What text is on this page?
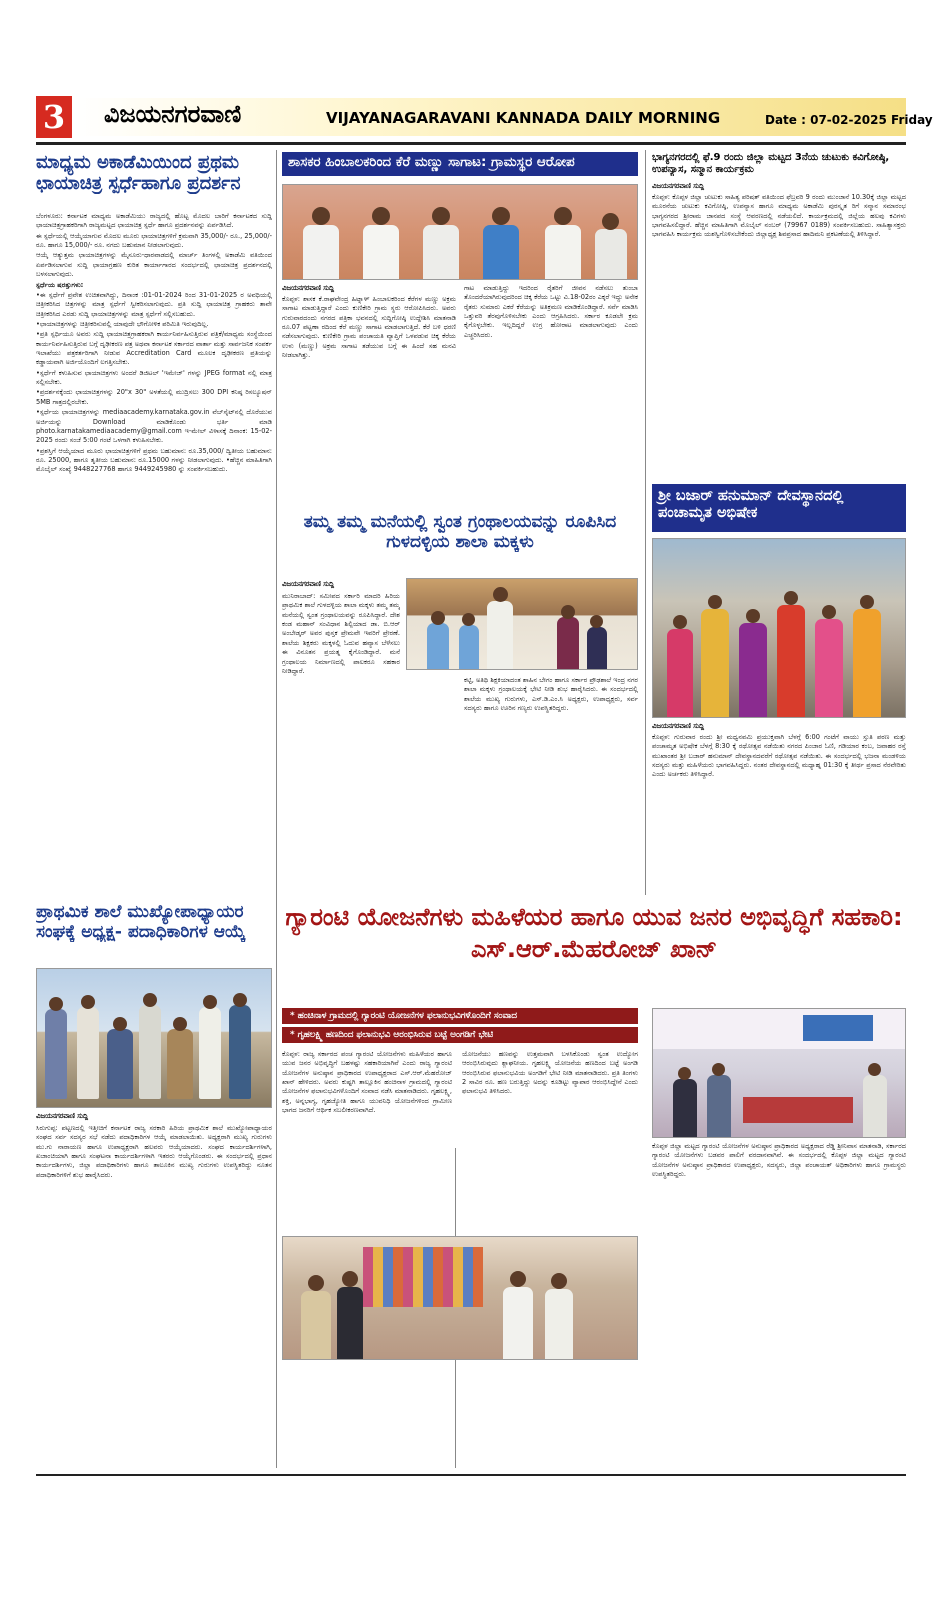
3 ವಿಜಯನಗರವಾಣಿ	VIJAYANAGARAVANI KANNADA DAILY MORNING	Date : 07-02-2025 Friday
ಮಾಧ್ಯಮ ಅಕಾಡೆಮಿಯಿಂದ ಪ್ರಥಮ ಛಾಯಾಚಿತ್ರ ಸ್ಪರ್ಧೆಹಾಗೂ ಪ್ರದರ್ಶನ

ಬೆಂಗಳೂರು: ಕರ್ನಾಟಕ ಮಾಧ್ಯಮ ಅಕಾಡೆಮಿಯು ರಾಜ್ಯದಲ್ಲಿ ಹೊಟ್ಟ ಮೊದಲ ಬಾರಿಗೆ ಕರ್ನಾಟಕದ ಸುದ್ದಿ ಛಾಯಾಚಿತ್ರಗ್ರಾಹಕರಿಗಾಗಿ ರಾಜ್ಯಮಟ್ಟದ ಛಾಯಾಚಿತ್ರ ಸ್ಪರ್ಧೆ ಹಾಗೂ ಪ್ರದರ್ಶನವನ್ನು ಏರ್ಪಡಿಸಿದೆ.

ಈ ಸ್ಪರ್ಧೆಯಲ್ಲಿ ಆಯ್ಕೆಯಾಗುವ ಮೊದಲ ಮೂರು ಛಾಯಾಚಿತ್ರಗಳಿಗೆ ಕ್ರಮವಾಗಿ 35,000/- ರೂ., 25,000/- ರೂ. ಹಾಗೂ 15,000/- ರೂ. ನಗದು ಬಹುಮಾನ ನೀಡಲಾಗುವುದು.

ಆಯ್ಕೆ ಆತ್ಯುತ್ತಮ ಛಾಯಾಚಿತ್ರಗಳನ್ನು ಮೈಸೂರು-ಧಾರವಾಡದಲ್ಲಿ ಮಾರ್ಚ್ ತಿಂಗಳಲ್ಲಿ ಅಕಾಡೆಮಿ ವತಿಯಿಂದ ಏರ್ಪಡಿಸಲಾಗುವ ಸುದ್ದಿ ಛಾಯಾಗ್ರಹಣ ಕುರಿತ ಕಾರ್ಯಾಗಾರದ ಸಂದರ್ಭದಲ್ಲಿ ಛಾಯಾಚಿತ್ರ ಪ್ರದರ್ಶನದಲ್ಲಿ ಬಳಸಲಾಗುವುದು.

ಸ್ಪರ್ಧೆಯ ಷರತ್ತುಗಳು:

•ಈ ಸ್ಪರ್ಧೆಗೆ ಪ್ರವೇಶ ಉಚಿತವಾಗಿದ್ದು, ದಿನಾಂಕ :01-01-2024 ರಿಂದ 31-01-2025 ರ ಅವಧಿಯಲ್ಲಿ ಚಿತ್ರೀಕರಿಸಿದ ಚಿತ್ರಗಳನ್ನು ಮಾತ್ರ ಸ್ಪರ್ಧೆಗೆ ಸ್ವೀಕರಿಸಲಾಗುವುದು. ಪ್ರತಿ ಸುದ್ದಿ ಛಾಯಾಚಿತ್ರ ಗ್ರಾಹಕರು ತಾವೇ ಚಿತ್ರೀಕರಿಸಿದ ಎರಡು ಸುದ್ದಿ ಛಾಯಾಚಿತ್ರಗಳನ್ನು ಮಾತ್ರ ಸ್ಪರ್ಧೆಗೆ ಸಲ್ಲಿಸಬಹುದು.

•ಛಾಯಾಚಿತ್ರಗಳನ್ನು ಚಿತ್ರೀಕರಿಸುವಲ್ಲಿ ಯಾವುದೇ ಭೌಗೋಳಿಕ ಪರಿಮಿತಿ ಇರುವುದಿಲ್ಲ.

•ಪ್ರತಿ ಸ್ಪರ್ಧಿಯೂ ಅವರು ಸುದ್ದಿ ಛಾಯಾಚಿತ್ರಗ್ರಾಹಕರಾಗಿ ಕಾರ್ಯನಿರ್ವಹಿಸುತ್ತಿರುವ ಪತ್ರಿಕೆ/ಮಾಧ್ಯಮ ಸಂಸ್ಥೆಯಿಂದ ಕಾರ್ಯನಿರ್ವಹಿಸುತ್ತಿರುವ ಬಗ್ಗೆ ದೃಢೀಕರಣ ಪತ್ರ ಅಥವಾ ಕರ್ನಾಟಕ ಸರ್ಕಾರದ ವಾರ್ತಾ ಮತ್ತು ಸಾರ್ವಜನಿಕ ಸಂಪರ್ಕ ಇಲಾಖೆಯು ಪತ್ರಕರ್ತರಿಗಾಗಿ ನೀಡುವ Accreditation Card ಮೂಲಕ ದೃಢೀಕರಣ ಪ್ರತಿಯನ್ನು ಕಡ್ಡಾಯವಾಗಿ ಅರ್ಜಿಯೊಂದಿಗೆ ಲಗತ್ತಿಸಬೇಕು.

•ಸ್ಪರ್ಧೆಗೆ ಕಳುಹಿಸುವ ಛಾಯಾಚಿತ್ರಗಳು ಅಂದರೆ ಡಿಜಿಟಲ್ 'ಇಮೇಜ್' ಗಳನ್ನು JPEG format ನಲ್ಲಿ ಮಾತ್ರ ಸಲ್ಲಿಸಬೇಕು.

•ಪ್ರದರ್ಶನಕ್ಕೆಂದು ಛಾಯಾಚಿತ್ರಗಳನ್ನು 20"x 30" ಅಳತೆಯಲ್ಲಿ ಮುದ್ರಿಸಲು 300 DPI ಕನಿಷ್ಠ ರಿಸಲ್ಯೂಷನ್ 5MB ಗಾತ್ರದಲ್ಲಿರಬೇಕು.

•ಸ್ಪರ್ಧೆಯ ಛಾಯಾಚಿತ್ರಗಳನ್ನು mediaacademy.karnataka.gov.in ವೆಬ್‌ಸೈಟ್‌ನಲ್ಲಿ ದೊರೆಯುವ ಅರ್ಜಿಯನ್ನು Download ಮಾಡಿಕೊಂಡು ಭರ್ತಿ ಮಾಡಿ photo.karnatakamediaacademy@gmail.com ಇ-ಮೇಲ್ ವಿಳಾಸಕ್ಕೆ ದಿನಾಂಕ: 15-02-2025 ರಂದು ಸಂಜೆ 5:00 ಗಂಟೆ ಒಳಗಾಗಿ ಕಳುಹಿಸಬೇಕು.

•ಪ್ರಶಸ್ತಿಗೆ ಆಯ್ಕೆಯಾದ ಮೂರು ಛಾಯಾಚಿತ್ರಗಳಿಗೆ ಪ್ರಥಮ ಬಹುಮಾನ: ರೂ.35,000/ ದ್ವಿತೀಯ ಬಹುಮಾನ: ರೂ. 25000, ಹಾಗೂ ತೃತೀಯ ಬಹುಮಾನ: ರೂ.15000 ಗಳನ್ನು ನೀಡಲಾಗುವುದು. •ಹೆಚ್ಚಿನ ಮಾಹಿತಿಗಾಗಿ ಮೊಬೈಲ್ ಸಂಖ್ಯೆ 9448227768 ಹಾಗೂ 9449245980 ನ್ನು ಸಂಪರ್ಕಿಸಬಹುದು.

ಪ್ರಾಥಮಿಕ ಶಾಲೆ ಮುಖ್ಯೋಪಾಧ್ಯಾಯರ ಸಂಘಕ್ಕೆ ಅಧ್ಯಕ್ಷ- ಪದಾಧಿಕಾರಿಗಳ ಆಯ್ಕೆ
ವಿಜಯನಗರವಾಣಿ ಸುದ್ದಿ
ಸಿರುಗುಪ್ಪ: ಪಟ್ಟಣದಲ್ಲಿ ಇತ್ತೀಚಿಗೆ ಕರ್ನಾಟಕ ರಾಜ್ಯ ಸರಕಾರಿ ಹಿರಿಯ ಪ್ರಾಥಮಿಕ ಶಾಲೆ ಮುಖ್ಯೋಪಾಧ್ಯಾಯರ ಸಂಘದ ಸರ್ವ ಸದಸ್ಯರ ಸಭೆ ನಡೆದು ಪದಾಧಿಕಾರಿಗಳ ಆಯ್ಕೆ ಮಾಡಲಾಯಿತು. ಅಧ್ಯಕ್ಷರಾಗಿ ಮುಖ್ಯ ಗುರುಗಳು ಮು.ಗು ನಾರಾಯಣ ಹಾಗೂ ಉಪಾಧ್ಯಕ್ಷರಾಗಿ ಹಲವರು ಆಯ್ಕೆಯಾದರು. ಸಂಘದ ಕಾರ್ಯದರ್ಶಿಗಳಾಗಿ, ಖಜಾಂಚಿಯಾಗಿ ಹಾಗೂ ಸಂಘಟನಾ ಕಾರ್ಯದರ್ಶಿಗಳಾಗಿ ಇತರರು ಆಯ್ಕೆಗೊಂಡರು. ಈ ಸಂದರ್ಭದಲ್ಲಿ ಪ್ರಧಾನ ಕಾರ್ಯದರ್ಶಿಗಳು, ಜಿಲ್ಲಾ ಪದಾಧಿಕಾರಿಗಳು ಹಾಗೂ ತಾಲೂಕಿನ ಮುಖ್ಯ ಗುರುಗಳು ಉಪಸ್ಥಿತರಿದ್ದು ನೂತನ ಪದಾಧಿಕಾರಿಗಳಿಗೆ ಶುಭ ಹಾರೈಸಿದರು.
ಶಾಸಕರ ಹಿಂಬಾಲಕರಿಂದ ಕೆರೆ ಮಣ್ಣು ಸಾಗಾಟ: ಗ್ರಾಮಸ್ಥರ ಆರೋಪ
ವಿಜಯನಗರವಾಣಿ ಸುದ್ದಿ
ಕೊಪ್ಪಳ: ಶಾಸಕ ಕೆ.ರಾಘವೇಂದ್ರ ಹಿಟ್ನಾಳ್ ಹಿಂಬಾಲಕರಿಂದ ಕೆರೆಗಳ ಮಣ್ಣು ಅಕ್ರಮ ಸಾಗಾಟ ಮಾಡುತ್ತಿದ್ದಾರೆ ಎಂದು ಕುಣಿಕೇರಿ ಗ್ರಾಮ ಸ್ಥರು ಆರೋಪಿಸಿದರು. ಅವರು ಗುರುವಾರದಂದು ನಗರದ ಪತ್ರಿಕಾ ಭವನದಲ್ಲಿ ಸುದ್ದಿಗೋಷ್ಠಿ ಉದ್ದೇಶಿಸಿ ಮಾತನಾಡಿ ರೂ.07 ಪಟ್ಟಣಾ ರದಿಂದ ಕೆರೆ ಮಣ್ಣು ಸಾಗಾಟ ಮಾಡಲಾಗುತ್ತಿದೆ. ಕೆರೆ ಬಳಿ ಧರಣಿ ನಡೆಸಲಾಗುವುದು. ಕುಣಿಕೇರಿ ಗ್ರಾಮ ಪಂಚಾಯತಿ ವ್ಯಾಪ್ತಿಗೆ ಒಳಪಡುವ ಚಿಕ್ಕ ಕೆರೆಯ ಉಳು (ಮಣ್ಣು) ಅಕ್ರಮ ಸಾಗಾಟ ತಡೆಯುವ ಬಗ್ಗೆ ಈ ಹಿಂದೆ ಸಹ ಮನವಿ ನೀಡಲಾಗಿತ್ತು.
ಗಾಟ ಮಾಡುತ್ತಿದ್ದು ಇದರಿಂದ ರೈತರಿಗೆ ಜೀವನ ನಡೆಸಲು ತುಂಬಾ ತೊಂದರೆಯಾಗಿರುವುದರಿಂದ ಚಿಕ್ಕ ಕೆರೆಯ ಒಟ್ಟು ವಿ.18-02ರಂ ಎಕ್ಕರೆ ಇದ್ದು ಅನೇಕ ರೈತರು ಸುಮಾರು ಎಕರೆ ಕೆರೆಯನ್ನು ಅತಿಕ್ರಮಣ ಮಾಡಿಕೊಂಡಿದ್ದಾರೆ. ಸರ್ವೆ ಮಾಡಿಸಿ ಒತ್ತುವರಿ ತೆರವುಗೊಳಿಸಬೇಕು ಎಂದು ಆಗ್ರಹಿಸಿದರು. ಸರ್ಕಾರ ಕೂಡಲೇ ಕ್ರಮ ಕೈಗೊಳ್ಳಬೇಕು. ಇಲ್ಲದಿದ್ದರೆ ಉಗ್ರ ಹೋರಾಟ ಮಾಡಲಾಗುವುದು ಎಂದು ಎಚ್ಚರಿಸಿದರು.
ತಮ್ಮ ತಮ್ಮ ಮನೆಯಲ್ಲಿ ಸ್ವಂತ ಗ್ರಂಥಾಲಯವನ್ನು ರೂಪಿಸಿದ ಗುಳದಳ್ಳಿಯ ಶಾಲಾ ಮಕ್ಕಳು
ವಿಜಯನಗರವಾಣಿ ಸುದ್ದಿ
ಮುನಿರಾಬಾದ್: ಸಮೀಪದ ಸರ್ಕಾರಿ ಮಾದರಿ ಹಿರಿಯ ಪ್ರಾಥಮಿಕ ಶಾಲೆ ಗುಳದಳ್ಳಿಯ ಶಾಲಾ ಮಕ್ಕಳು ತಮ್ಮ ತಮ್ಮ ಮನೆಯಲ್ಲಿ ಸ್ವಂತ ಗ್ರಂಥಾಲಯವನ್ನು ರೂಪಿಸಿದ್ದಾರೆ. ದೇಶ ಕಂಡ ಮಹಾನ್ ಸಂವಿಧಾನ ಶಿಲ್ಪಿಯಾದ ಡಾ. ಬಿ.ಆರ್ ಅಂಬೇಡ್ಕರ್ ಅವರ ಪುಸ್ತಕ ಪ್ರೇಮವೇ ಇವರಿಗೆ ಪ್ರೇರಣೆ. ಶಾಲೆಯ ಶಿಕ್ಷಕರು ಮಕ್ಕಳಲ್ಲಿ ಓದುವ ಹವ್ಯಾಸ ಬೆಳೆಸಲು ಈ ವಿನೂತನ ಪ್ರಯತ್ನ ಕೈಗೊಂಡಿದ್ದಾರೆ. ಮನೆ ಗ್ರಂಥಾಲಯ ನಿರ್ಮಾಣದಲ್ಲಿ ಪಾಲಕರೂ ಸಹಕಾರ ನೀಡಿದ್ದಾರೆ.
ಕಟ್ಟಿ, ಅತಿಥಿ ಶಿಕ್ಷಕಿಯಾದಂತ ಶಾಹಿನ ಬೇಗಂ ಹಾಗೂ ಸರ್ಕಾರ ಪ್ರೌಢಶಾಲೆ ಇಂದ್ರ ನಗರ ಶಾಲಾ ಮಕ್ಕಳು ಗ್ರಂಥಾಲಯಕ್ಕೆ ಭೇಟಿ ನೀಡಿ ಶುಭ ಹಾರೈಸಿದರು. ಈ ಸಂದರ್ಭದಲ್ಲಿ ಶಾಲೆಯ ಮುಖ್ಯ ಗುರುಗಳು, ಎಸ್.ಡಿ.ಎಂ.ಸಿ ಅಧ್ಯಕ್ಷರು, ಉಪಾಧ್ಯಕ್ಷರು, ಸರ್ವ ಸದಸ್ಯರು ಹಾಗೂ ಊರಿನ ಗಣ್ಯರು ಉಪಸ್ಥಿತರಿದ್ದರು.
ಭಾಗ್ಯನಗರದಲ್ಲಿ ಫೆ.9 ರಂದು ಜಿಲ್ಲಾ ಮಟ್ಟದ 3ನೆಯ ಚುಟುಕು ಕವಿಗೋಷ್ಠಿ, ಉಪನ್ಯಾಸ, ಸನ್ಮಾನ ಕಾರ್ಯಕ್ರಮ
ವಿಜಯನಗರವಾಣಿ ಸುದ್ದಿ
ಕೊಪ್ಪಳ: ಕೊಪ್ಪಳ ಜಿಲ್ಲಾ ಚುಟುಕು ಸಾಹಿತ್ಯ ಪರಿಷತ್ ವತಿಯಿಂದ ಫೆಬ್ರವರಿ 9 ರಂದು ಮುಂಜಾನೆ 10.30ಕ್ಕೆ ಜಿಲ್ಲಾ ಮಟ್ಟದ ಮೂರನೆಯ ಚುಟುಕು ಕವಿಗೋಷ್ಠಿ, ಉಪನ್ಯಾಸ ಹಾಗೂ ಮಾಧ್ಯಮ ಅಕಾಡೆಮಿ ಪುರಸ್ಕೃತ ರಿಗೆ ಸನ್ಮಾನ ಸಮಾರಂಭ ಭಾಗ್ಯನಗರದ ಶ್ರೀರಾಮ ಜಾನಪದ ಸಂಸ್ಥೆ ಆವರಣದಲ್ಲಿ ನಡೆಯಲಿದೆ. ಕಾರ್ಯಕ್ರಮದಲ್ಲಿ ಜಿಲ್ಲೆಯ ಹಲವು ಕವಿಗಳು ಭಾಗವಹಿಸಲಿದ್ದಾರೆ. ಹೆಚ್ಚಿನ ಮಾಹಿತಿಗಾಗಿ ಮೊಬೈಲ್ ನಂಬರ್ (79967 0189) ಸಂಪರ್ಕಿಸಬಹುದು. ಸಾಹಿತ್ಯಾಸಕ್ತರು ಭಾಗವಹಿಸಿ ಕಾರ್ಯಕ್ರಮ ಯಶಸ್ವಿಗೊಳಿಸಬೇಕೆಂದು ಜಿಲ್ಲಾಧ್ಯಕ್ಷ ಶಿವಪ್ರಸಾದ ಹಾದಿಮನಿ ಪ್ರಕಟಣೆಯಲ್ಲಿ ತಿಳಿಸಿದ್ದಾರೆ.
ಶ್ರೀ ಬಜಾರ್ ಹನುಮಾನ್ ದೇವಸ್ಥಾನದಲ್ಲಿ ಪಂಚಾಮೃತ ಅಭಿಷೇಕ
ವಿಜಯನಗರವಾಣಿ ಸುದ್ದಿ
ಕೊಪ್ಪಳ: ಗುರುವಾರ ರಂದು ಶ್ರೀ ಮಧ್ವನವಮಿ ಪ್ರಯುಕ್ತವಾಗಿ ಬೆಳಗ್ಗೆ 6:00 ಗಂಟೆಗೆ ವಾಯು ಸ್ತುತಿ ಪಠಣ ಮತ್ತು ಪಂಚಾಮೃತ ಅಭಿಷೇಕ ಬೆಳಗ್ಗೆ 8:30 ಕ್ಕೆ ರಥೋತ್ಸವ ನಡೆಯಿತು ನಗರದ ಪಿಂಜಾರ ಓಣಿ, ಗಡಿಯಾರ ಕಂಬ, ಜವಾಹರ ರಸ್ತೆ ಮುಖಾಂತರ ಶ್ರೀ ಬಜಾರ್ ಹನುಮಾನ್ ದೇವಸ್ಥಾನದವರೆಗೆ ರಥೋತ್ಸವ ನಡೆಯಿತು. ಈ ಸಂದರ್ಭದಲ್ಲಿ ಭಜನಾ ಮಂಡಳಿಯ ಸದಸ್ಯರು ಮತ್ತು ಮಹಿಳೆಯರು ಭಾಗವಹಿಸಿದ್ದರು. ನಂತರ ದೇವಸ್ಥಾನದಲ್ಲಿ ಮಧ್ಯಾಹ್ನ 01:30 ಕ್ಕೆ ತೀರ್ಥ ಪ್ರಸಾದ ನೆರವೇರಿತು ಎಂದು ಅರ್ಚಕರು ತಿಳಿಸಿದ್ದಾರೆ.
ಗ್ಯಾರಂಟಿ ಯೋಜನೆಗಳು ಮಹಿಳೆಯರ ಹಾಗೂ ಯುವ ಜನರ ಅಭಿವೃದ್ಧಿಗೆ ಸಹಕಾರಿ: ಎಸ್.ಆರ್.ಮೆಹರೋಜ್ ಖಾನ್
* ಹಂಚಿನಾಳ ಗ್ರಾಮದಲ್ಲಿ ಗ್ಯಾರಂಟಿ ಯೋಜನೆಗಳ ಫಲಾನುಭವಿಗಳೊಂದಿಗೆ ಸಂವಾದ
* ಗೃಹಲಕ್ಷ್ಮಿ ಹಣದಿಂದ ಫಲಾನುಭವಿ ಆರಂಭಿಸಿರುವ ಬಟ್ಟೆ ಅಂಗಡಿಗೆ ಭೇಟಿ
ಕೊಪ್ಪಳ: ರಾಜ್ಯ ಸರ್ಕಾರದ ಪಂಚ ಗ್ಯಾರಂಟಿ ಯೋಜನೆಗಳು ಮಹಿಳೆಯರ ಹಾಗೂ ಯುವ ಜನರ ಅಭಿವೃದ್ಧಿಗೆ ಬಹಳಷ್ಟು ಸಹಕಾರಿಯಾಗಿವೆ ಎಂದು ರಾಜ್ಯ ಗ್ಯಾರಂಟಿ ಯೋಜನೆಗಳ ಅನುಷ್ಠಾನ ಪ್ರಾಧಿಕಾರದ ಉಪಾಧ್ಯಕ್ಷರಾದ ಎಸ್.ಆರ್.ಮೆಹರೋಜ್ ಖಾನ್ ಹೇಳಿದರು. ಅವರು ಕುಷ್ಟಗಿ ತಾಲ್ಲೂಕಿನ ಹಂಚಿನಾಳ ಗ್ರಾಮದಲ್ಲಿ ಗ್ಯಾರಂಟಿ ಯೋಜನೆಗಳ ಫಲಾನುಭವಿಗಳೊಂದಿಗೆ ಸಂವಾದ ನಡೆಸಿ ಮಾತನಾಡಿದರು. ಗೃಹಲಕ್ಷ್ಮಿ, ಶಕ್ತಿ, ಅನ್ನಭಾಗ್ಯ, ಗೃಹಜ್ಯೋತಿ ಹಾಗೂ ಯುವನಿಧಿ ಯೋಜನೆಗಳಿಂದ ಗ್ರಾಮೀಣ ಭಾಗದ ಜನರಿಗೆ ಆರ್ಥಿಕ ಸಬಲೀಕರಣವಾಗಿದೆ.
ಯೋಜನೆಯು ಹಣವನ್ನು ಉತ್ತಮವಾಗಿ ಬಳಸಿಕೊಂಡು ಸ್ವಂತ ಉದ್ಯೋಗ ಆರಂಭಿಸಿರುವುದು ಶ್ಲಾಘನೀಯ. ಗೃಹಲಕ್ಷ್ಮಿ ಯೋಜನೆಯ ಹಣದಿಂದ ಬಟ್ಟೆ ಅಂಗಡಿ ಆರಂಭಿಸಿರುವ ಫಲಾನುಭವಿಯ ಅಂಗಡಿಗೆ ಭೇಟಿ ನೀಡಿ ಮಾತನಾಡಿದರು. ಪ್ರತಿ ತಿಂಗಳು 2 ಸಾವಿರ ರೂ. ಹಣ ಬರುತ್ತಿದ್ದು ಅದನ್ನು ಕೂಡಿಟ್ಟು ವ್ಯಾಪಾರ ಆರಂಭಿಸಿದ್ದೇನೆ ಎಂದು ಫಲಾನುಭವಿ ತಿಳಿಸಿದರು.
ಕೊಪ್ಪಳ ಜಿಲ್ಲಾ ಮಟ್ಟದ ಗ್ಯಾರಂಟಿ ಯೋಜನೆಗಳ ಅನುಷ್ಠಾನ ಪ್ರಾಧಿಕಾರದ ಅಧ್ಯಕ್ಷರಾದ ರೆಡ್ಡಿ ಶ್ರೀನಿವಾಸ ಮಾತನಾಡಿ, ಸರ್ಕಾರದ ಗ್ಯಾರಂಟಿ ಯೋಜನೆಗಳು ಬಡವರ ಪಾಲಿಗೆ ವರದಾನವಾಗಿವೆ. ಈ ಸಂದರ್ಭದಲ್ಲಿ ಕೊಪ್ಪಳ ಜಿಲ್ಲಾ ಮಟ್ಟದ ಗ್ಯಾರಂಟಿ ಯೋಜನೆಗಳ ಅನುಷ್ಠಾನ ಪ್ರಾಧಿಕಾರದ ಉಪಾಧ್ಯಕ್ಷರು, ಸದಸ್ಯರು, ಜಿಲ್ಲಾ ಪಂಚಾಯತ್ ಅಧಿಕಾರಿಗಳು ಹಾಗೂ ಗ್ರಾಮಸ್ಥರು ಉಪಸ್ಥಿತರಿದ್ದರು.
